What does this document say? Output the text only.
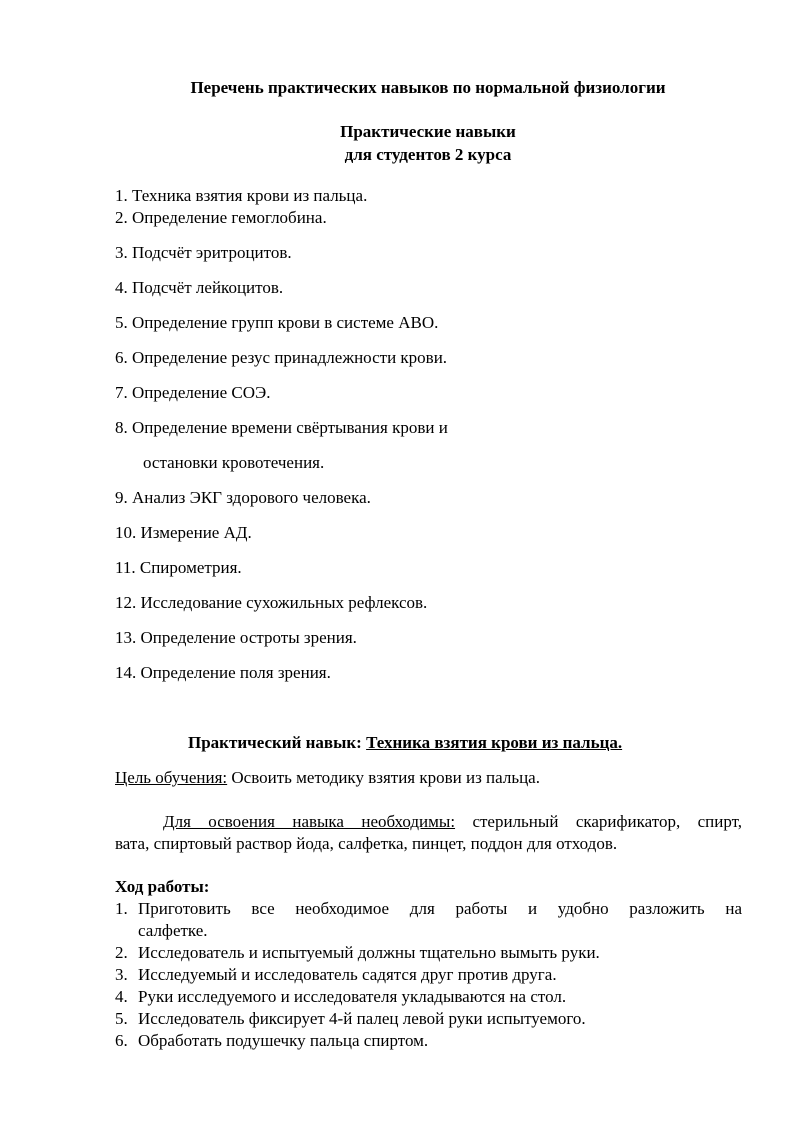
Перечень практических навыков по нормальной физиологии
Практические навыки
для студентов 2 курса
1. Техника взятия крови из пальца.
2. Определение гемоглобина.
3. Подсчёт эритроцитов.
4. Подсчёт лейкоцитов.
5. Определение групп крови в системе АВО.
6. Определение резус принадлежности крови.
7. Определение СОЭ.
8. Определение времени свёртывания крови и
остановки кровотечения.
9. Анализ ЭКГ здорового человека.
10. Измерение АД.
11. Спирометрия.
12. Исследование сухожильных рефлексов.
13. Определение остроты зрения.
14. Определение поля зрения.
Практический навык: Техника взятия крови из пальца.
Цель обучения: Освоить методику взятия крови из пальца.
Для освоения навыка необходимы: стерильный скарификатор, спирт,
вата, спиртовый раствор йода, салфетка, пинцет, поддон для отходов.
Ход работы:
1. Приготовить все необходимое для работы и удобно разложить на
салфетке.
2. Исследователь и испытуемый должны тщательно вымыть руки.
3. Исследуемый и исследователь садятся друг против друга.
4. Руки исследуемого и исследователя укладываются на стол.
5. Исследователь фиксирует 4-й палец левой руки испытуемого.
6. Обработать подушечку пальца спиртом.
